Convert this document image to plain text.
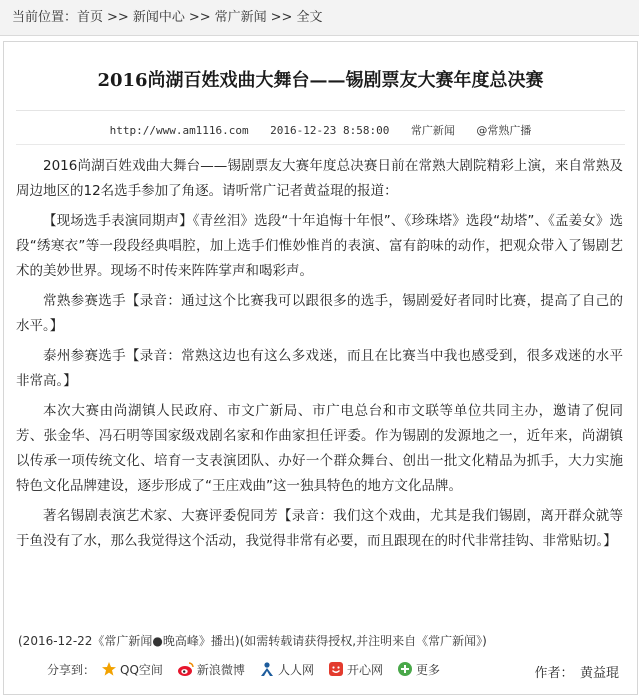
当前位置：首页 >> 新闻中心 >> 常广新闻 >> 全文
2016尚湖百姓戏曲大舞台——锡剧票友大赛年度总决赛
http://www.am1116.com 2016-12-23 8:58:00 常广新闻 @常熟广播

2016尚湖百姓戏曲大舞台——锡剧票友大赛年度总决赛日前在常熟大剧院精彩上演，来自常熟及周边地区的12名选手参加了角逐。请听常广记者黄益琨的报道：

【现场选手表演同期声】《青丝泪》选段“十年追悔十年恨”、《珍珠塔》选段“劫塔”、《孟姜女》选段“绣寒衣”等一段段经典唱腔，加上选手们惟妙惟肖的表演、富有韵味的动作，把观众带入了锡剧艺术的美妙世界。现场不时传来阵阵掌声和喝彩声。

常熟参赛选手【录音：通过这个比赛我可以跟很多的选手，锡剧爱好者同时比赛，提高了自己的水平。】

泰州参赛选手【录音：常熟这边也有这么多戏迷，而且在比赛当中我也感受到，很多戏迷的水平非常高。】

本次大赛由尚湖镇人民政府、市文广新局、市广电总台和市文联等单位共同主办，邀请了倪同芳、张金华、冯石明等国家级戏剧名家和作曲家担任评委。作为锡剧的发源地之一，近年来，尚湖镇以传承一项传统文化、培育一支表演团队、办好一个群众舞台、创出一批文化精品为抓手，大力实施特色文化品牌建设，逐步形成了“王庄戏曲”这一独具特色的地方文化品牌。

著名锡剧表演艺术家、大赛评委倪同芳【录音：我们这个戏曲，尤其是我们锡剧，离开群众就等于鱼没有了水，那么我觉得这个活动，我觉得非常有必要，而且跟现在的时代非常挂钩、非常贴切。】

(2016-12-22《常广新闻●晚高峰》播出)(如需转载请获得授权,并注明来自《常广新闻》)
分享到： QQ空间	新浪微博	人人网	开心网	更多	作者：　黄益琨
